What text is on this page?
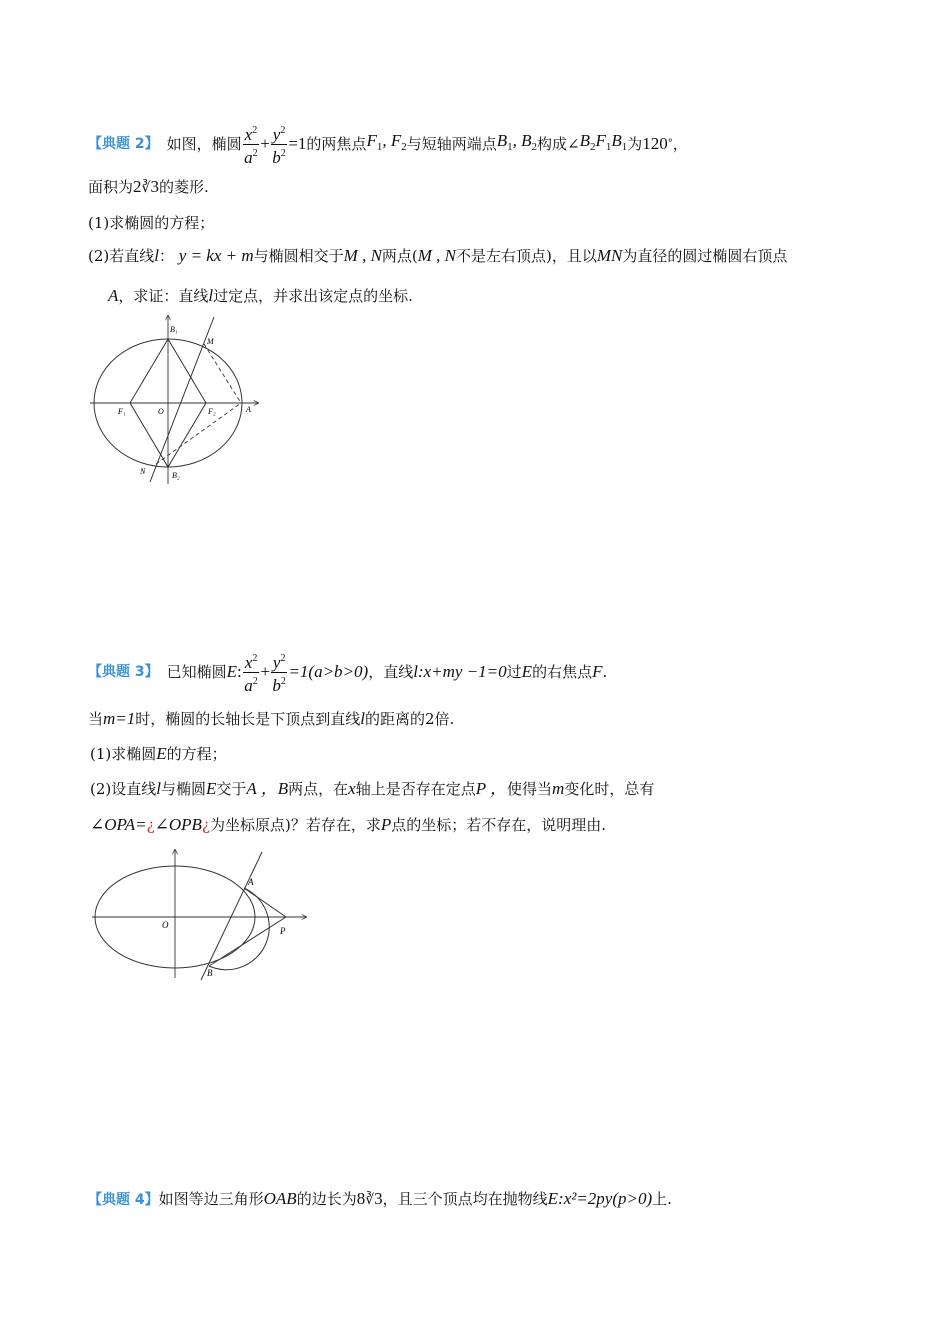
【典题 2】 如图，椭圆 $\frac{x^2}{a^2} + \frac{y^2}{b^2} =1$ 的两焦点 $F_1$, $F_2$ 与短轴两端点 $B_1$, $B_2$ 构成∠ $B_2F_1B_1$ 为 120 ° ，
面积为2∛3的菱形.
(1)求椭圆的方程；
(2)若直线l： y = kx + m与椭圆相交于M , N两点(M , N不是左右顶点)，且以MN为直径的圆过椭圆右顶点
A，求证：直线l过定点，并求出该定点的坐标.
B₁
B₂
M
N
F₁	F₂
O	A
【典题 3】 已知椭圆 E : $\frac{x^2}{a^2} + \frac{y^2}{b^2} =1(a>b>0)$ ，直线 l :x+my −1=0 过 E 的右焦点 F .
当m=1时，椭圆的长轴长是下顶点到直线l的距离的2倍.
(1)求椭圆E的方程；
(2)设直线l与椭圆E交于A ，B两点，在x轴上是否存在定点P ，使得当m变化时，总有
∠OPA=¿∠OPB¿为坐标原点)？若存在，求P点的坐标；若不存在，说明理由.
O
A
B
P
【典题 4】如图等边三角形OAB的边长为8∛3，且三个顶点均在抛物线E:x²=2py(p>0)上.
